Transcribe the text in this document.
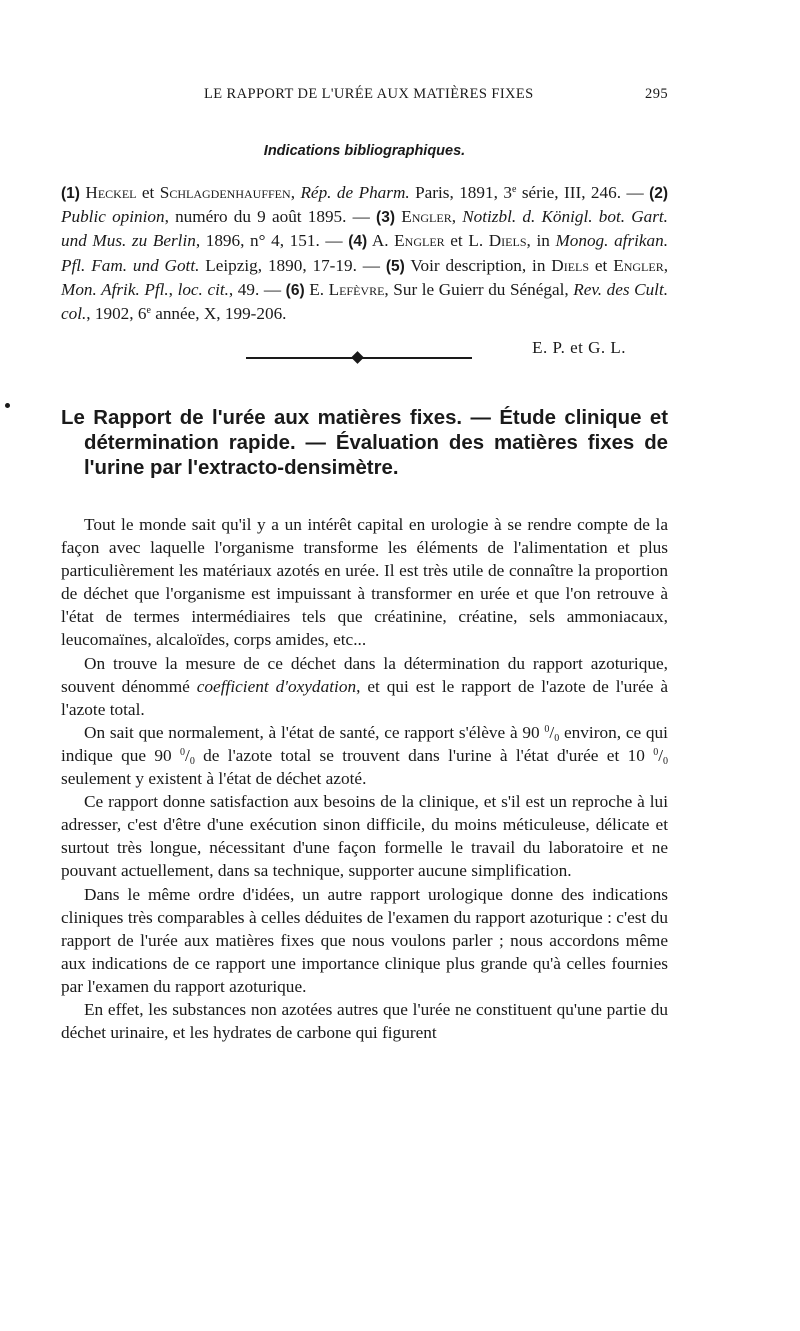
LE RAPPORT DE L'URÉE AUX MATIÈRES FIXES	295
Indications bibliographiques.

(1) Heckel et Schlagdenhauffen, Rép. de Pharm. Paris, 1891, 3e série, III, 246. — (2) Public opinion, numéro du 9 août 1895. — (3) Engler, Notizbl. d. Königl. bot. Gart. und Mus. zu Berlin, 1896, n° 4, 151. — (4) A. Engler et L. Diels, in Monog. afrikan. Pfl. Fam. und Gott. Leipzig, 1890, 17-19. — (5) Voir description, in Diels et Engler, Mon. Afrik. Pfl., loc. cit., 49. — (6) E. Lefèvre, Sur le Guierr du Sénégal, Rev. des Cult. col., 1902, 6e année, X, 199-206.

E. P. et G. L.
Le Rapport de l'urée aux matières fixes. — Étude clinique et
détermination rapide. — Évaluation des matières fixes de
l'urine par l'extracto-densimètre.

Tout le monde sait qu'il y a un intérêt capital en urologie à se rendre compte de la façon avec laquelle l'organisme transforme les éléments de l'alimentation et plus particulièrement les matériaux azotés en urée. Il est très utile de connaître la proportion de déchet que l'organisme est impuissant à transformer en urée et que l'on retrouve à l'état de termes intermédiaires tels que créatinine, créatine, sels ammoniacaux, leucomaïnes, alcaloïdes, corps amides, etc...

On trouve la mesure de ce déchet dans la détermination du rapport azoturique, souvent dénommé coefficient d'oxydation, et qui est le rapport de l'azote de l'urée à l'azote total.

On sait que normalement, à l'état de santé, ce rapport s'élève à 90 $^0/_0$ environ, ce qui indique que 90 $^0/_0$ de l'azote total se trouvent dans l'urine à l'état d'urée et 10 $^0/_0$ seulement y existent à l'état de déchet azoté.

Ce rapport donne satisfaction aux besoins de la clinique, et s'il est un reproche à lui adresser, c'est d'être d'une exécution sinon difficile, du moins méticuleuse, délicate et surtout très longue, nécessitant d'une façon formelle le travail du laboratoire et ne pouvant actuellement, dans sa technique, supporter aucune simplification.

Dans le même ordre d'idées, un autre rapport urologique donne des indications cliniques très comparables à celles déduites de l'examen du rapport azoturique : c'est du rapport de l'urée aux matières fixes que nous voulons parler ; nous accordons même aux indications de ce rapport une importance clinique plus grande qu'à celles fournies par l'examen du rapport azoturique.

En effet, les substances non azotées autres que l'urée ne constituent qu'une partie du déchet urinaire, et les hydrates de carbone qui figurent
